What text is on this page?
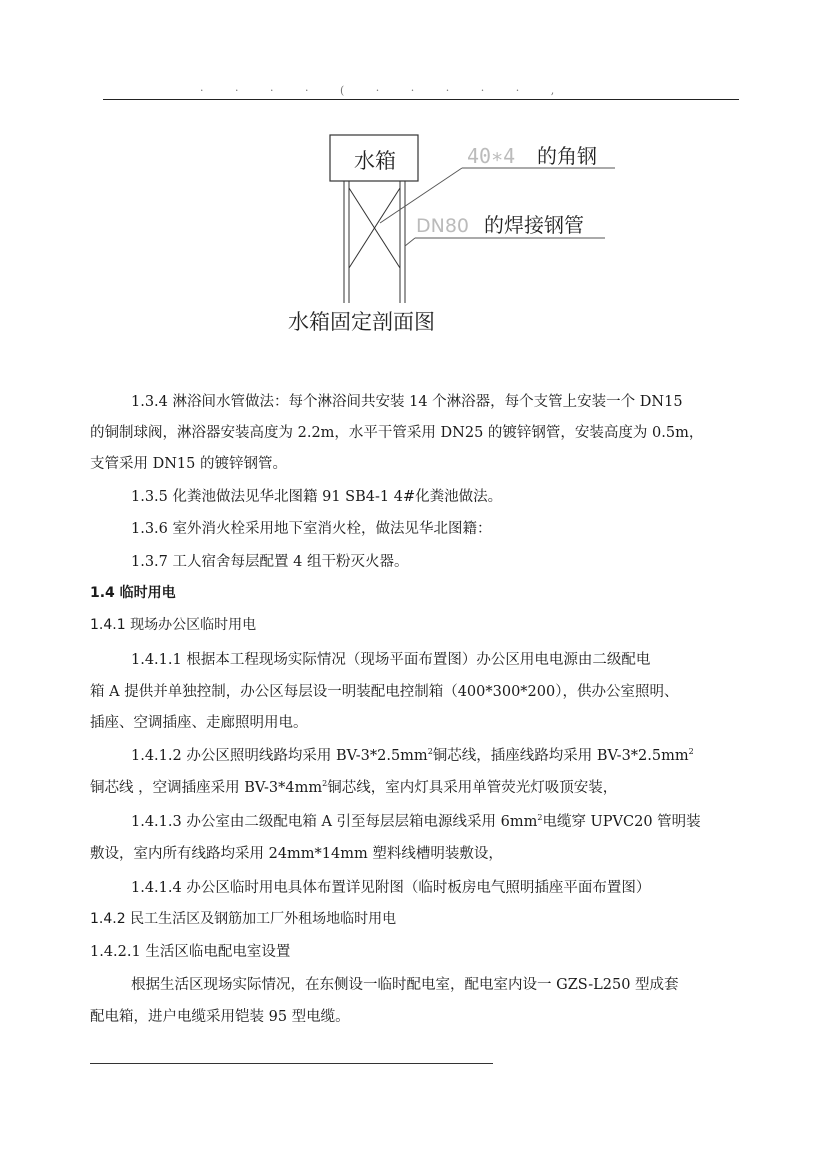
· · · · ( · · · · · ,
水箱	40∗4 的角钢
DN80 的焊接钢管
水箱固定剖面图
1.3.4 淋浴间水管做法：每个淋浴间共安装 14 个淋浴器，每个支管上安装一个 DN15
的铜制球阀，淋浴器安装高度为 2.2m，水平干管采用 DN25 的镀锌钢管，安装高度为 0.5m，
支管采用 DN15 的镀锌钢管。
1.3.5 化粪池做法见华北图籍 91 SB4-1 4#化粪池做法。
1.3.6 室外消火栓采用地下室消火栓，做法见华北图籍：
1.3.7 工人宿舍每层配置 4 组干粉灭火器。
1.4 临时用电
1.4.1 现场办公区临时用电
1.4.1.1 根据本工程现场实际情况（现场平面布置图）办公区用电电源由二级配电
箱 A 提供并单独控制，办公区每层设一明装配电控制箱（400*300*200），供办公室照明、
插座、空调插座、走廊照明用电。
1.4.1.2 办公区照明线路均采用 $BV-3*2.5mm^2$铜芯线，插座线路均采用 $BV-3*2.5mm^2$
铜芯线 ，空调插座采用 $BV-3*4mm^2$铜芯线，室内灯具采用单管荧光灯吸顶安装，
1.4.1.3 办公室由二级配电箱 A 引至每层层箱电源线采用 $6mm^2$电缆穿 UPVC20 管明装
敷设，室内所有线路均采用 24mm*14mm 塑料线槽明装敷设，
1.4.1.4 办公区临时用电具体布置详见附图（临时板房电气照明插座平面布置图）
1.4.2 民工生活区及钢筋加工厂外租场地临时用电
1.4.2.1 生活区临电配电室设置
根据生活区现场实际情况，在东侧设一临时配电室，配电室内设一 GZS-L250 型成套
配电箱，进户电缆采用铠装 95 型电缆。
